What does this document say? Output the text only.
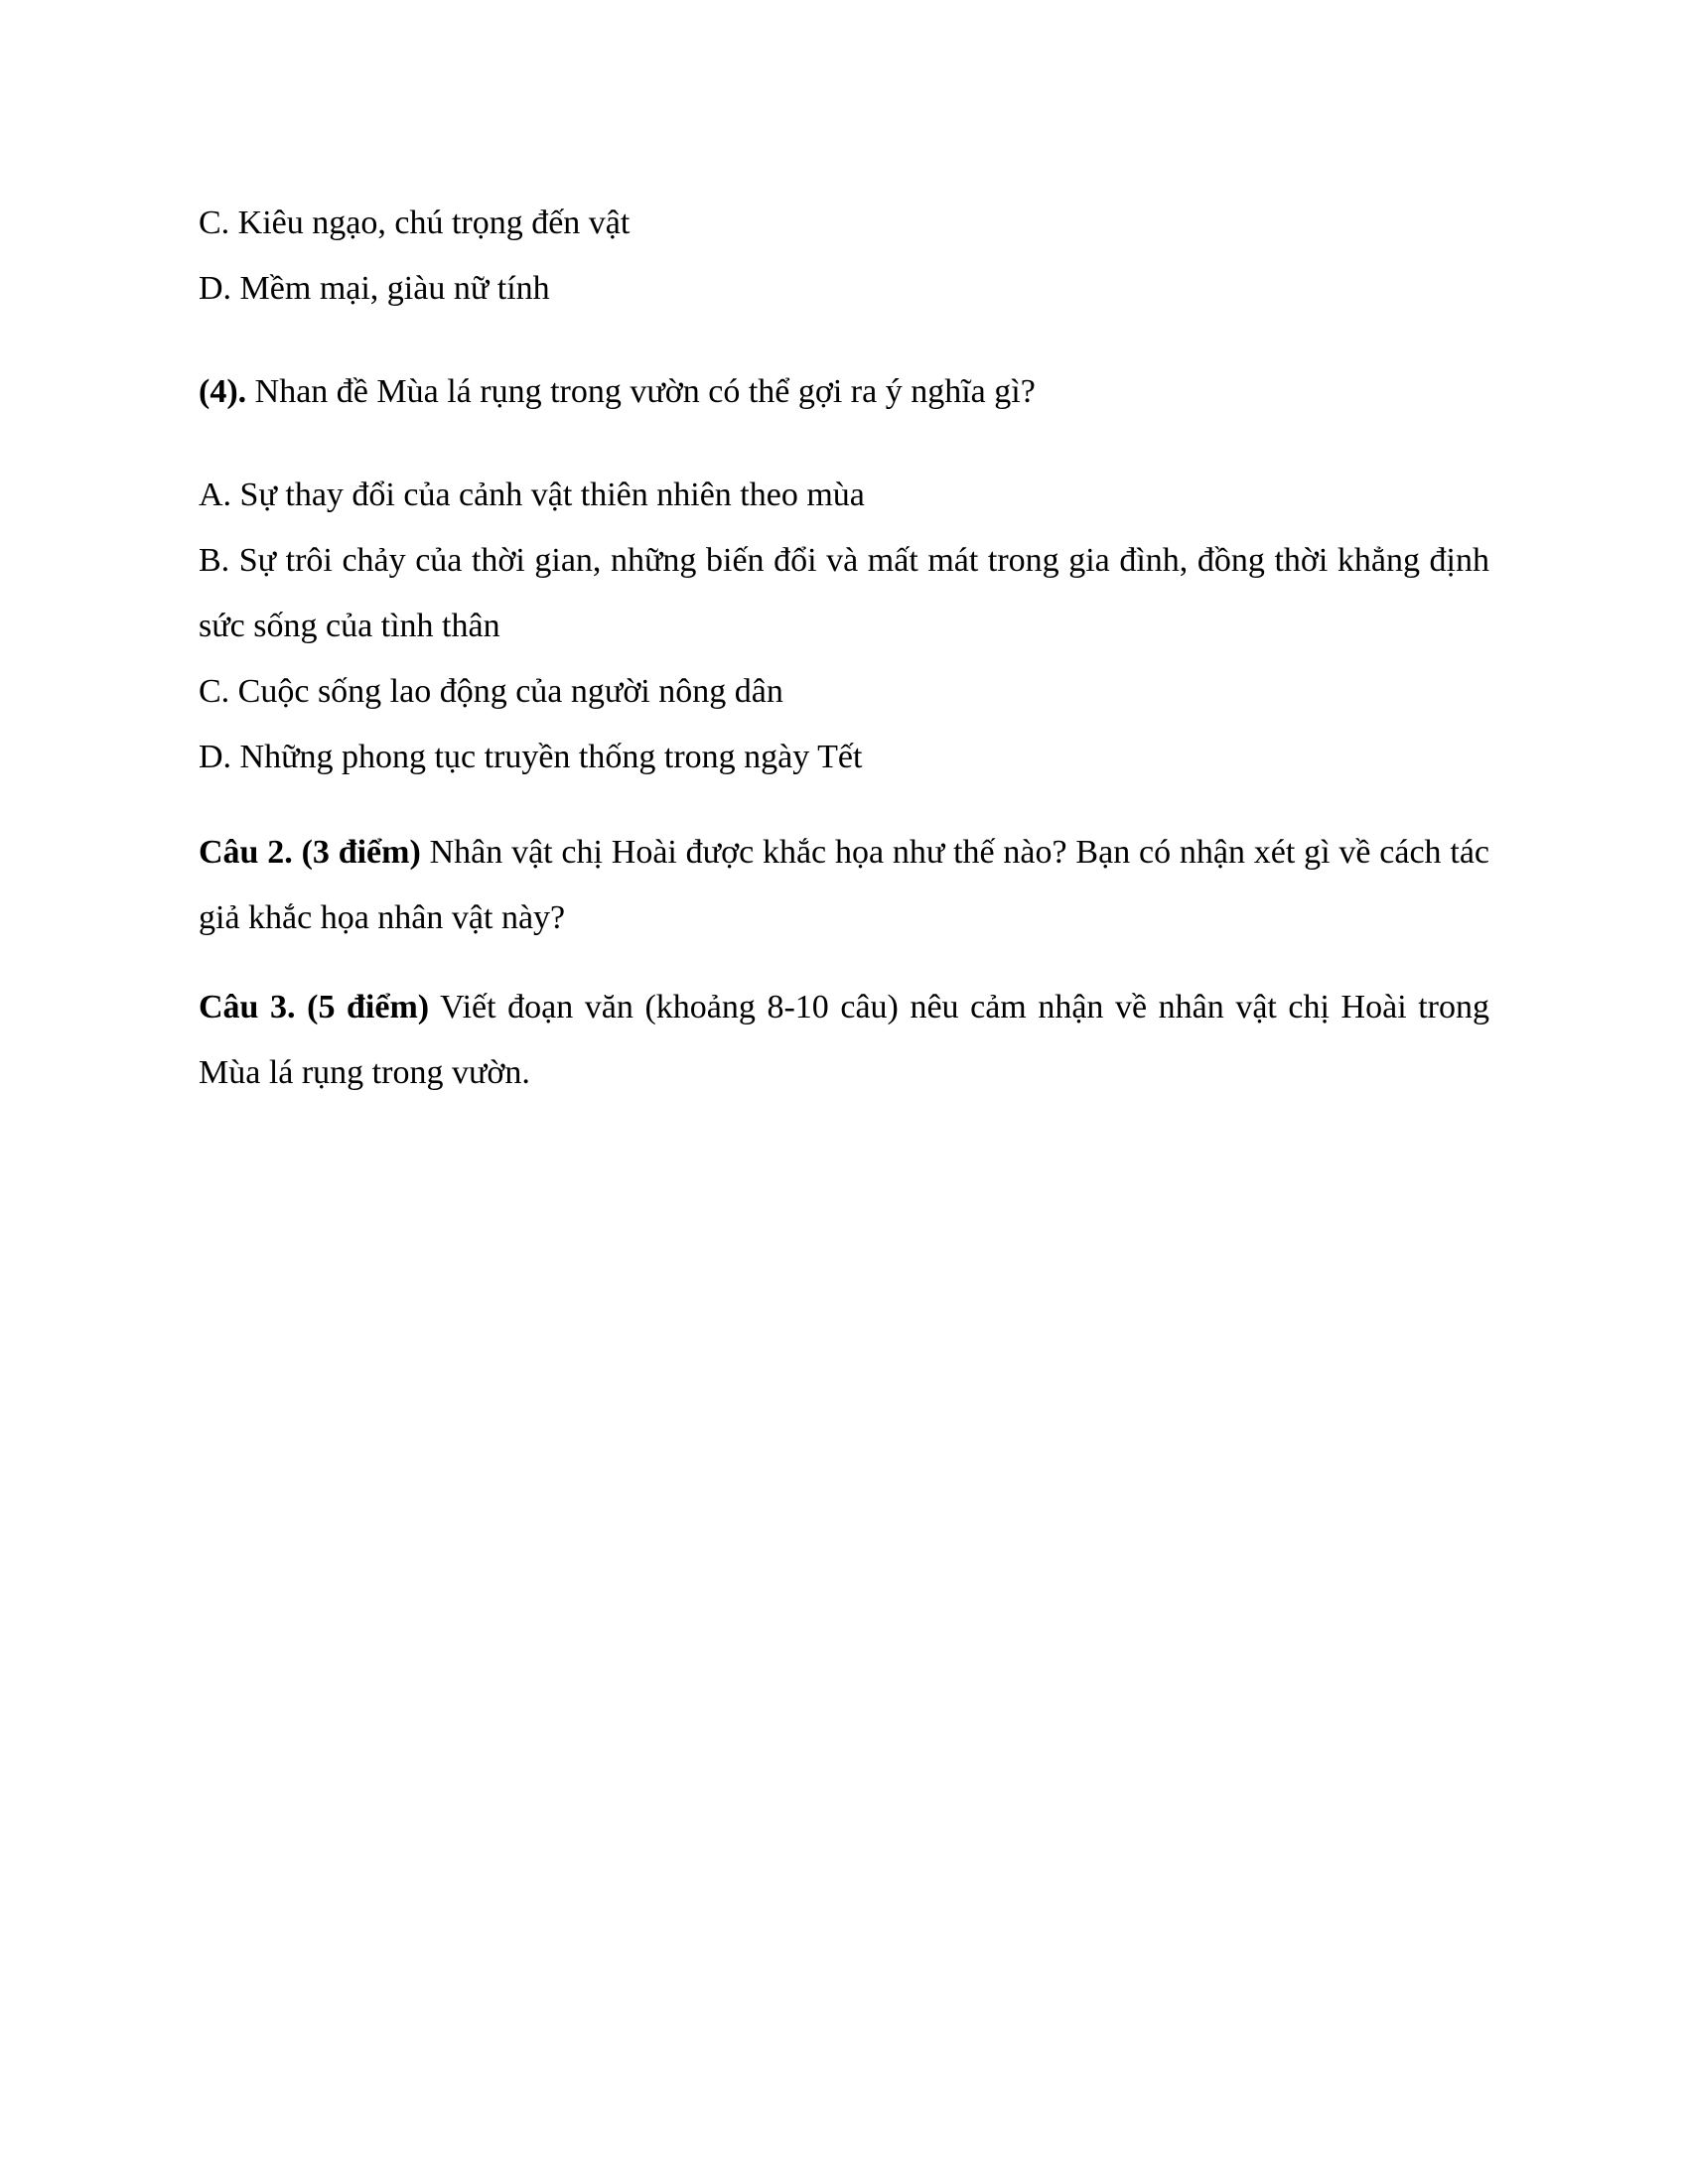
C. Kiêu ngạo, chú trọng đến vật

D. Mềm mại, giàu nữ tính

(4). Nhan đề Mùa lá rụng trong vườn có thể gợi ra ý nghĩa gì?

A. Sự thay đổi của cảnh vật thiên nhiên theo mùa

B. Sự trôi chảy của thời gian, những biến đổi và mất mát trong gia đình, đồng thời khẳng định sức sống của tình thân

C. Cuộc sống lao động của người nông dân

D. Những phong tục truyền thống trong ngày Tết

Câu 2. (3 điểm) Nhân vật chị Hoài được khắc họa như thế nào? Bạn có nhận xét gì về cách tác giả khắc họa nhân vật này?

Câu 3. (5 điểm) Viết đoạn văn (khoảng 8-10 câu) nêu cảm nhận về nhân vật chị Hoài trong Mùa lá rụng trong vườn.
